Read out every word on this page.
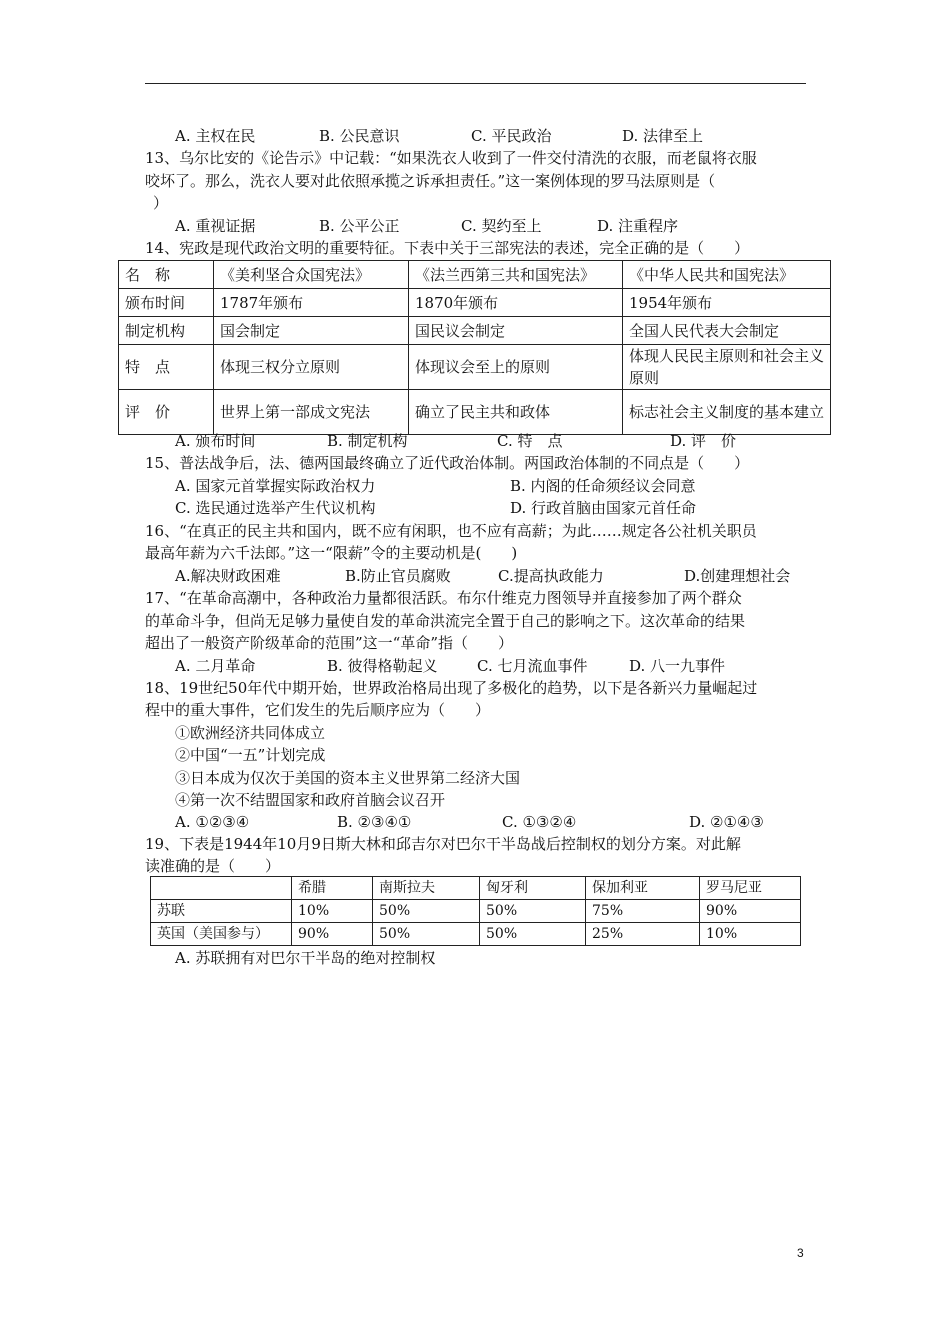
A. 主权在民	B. 公民意识	C. 平民政治	D. 法律至上
13、乌尔比安的《论告示》中记载：“如果洗衣人收到了一件交付清洗的衣服，而老鼠将衣服
咬坏了。那么，洗衣人要对此依照承揽之诉承担责任。”这一案例体现的罗马法原则是（
）
A. 重视证据	B. 公平公正	C. 契约至上	D. 注重程序
14、宪政是现代政治文明的重要特征。下表中关于三部宪法的表述，完全正确的是（　　）
名　称	《美利坚合众国宪法》	《法兰西第三共和国宪法》	《中华人民共和国宪法》
颁布时间	1787年颁布	1870年颁布	1954年颁布
制定机构	国会制定	国民议会制定	全国人民代表大会制定
特　点	体现三权分立原则	体现议会至上的原则	体现人民民主原则和社会主义原则
评　价	世界上第一部成文宪法	确立了民主共和政体	标志社会主义制度的基本建立
A. 颁布时间	B. 制定机构	C. 特　点	D. 评　价
15、普法战争后，法、德两国最终确立了近代政治体制。两国政治体制的不同点是（　　）
A. 国家元首掌握实际政治权力	B. 内阁的任命须经议会同意
C. 选民通过选举产生代议机构	D. 行政首脑由国家元首任命
16、“在真正的民主共和国内，既不应有闲职，也不应有高薪；为此……规定各公社机关职员
最高年薪为六千法郎。”这一“限薪”令的主要动机是(　　)
A.解决财政困难	B.防止官员腐败	C.提高执政能力	D.创建理想社会
17、“在革命高潮中，各种政治力量都很活跃。布尔什维克力图领导并直接参加了两个群众
的革命斗争，但尚无足够力量使自发的革命洪流完全置于自己的影响之下。这次革命的结果
超出了一般资产阶级革命的范围”这一“革命”指（　　）
A. 二月革命	B. 彼得格勒起义	C. 七月流血事件	D. 八一九事件
18、19世纪50年代中期开始，世界政治格局出现了多极化的趋势，以下是各新兴力量崛起过
程中的重大事件，它们发生的先后顺序应为（　　）
①欧洲经济共同体成立
②中国“一五”计划完成
③日本成为仅次于美国的资本主义世界第二经济大国
④第一次不结盟国家和政府首脑会议召开
A. ①②③④	B. ②③④①	C. ①③②④	D. ②①④③
19、下表是1944年10月9日斯大林和邱吉尔对巴尔干半岛战后控制权的划分方案。对此解
读准确的是（　　）
	希腊	南斯拉夫	匈牙利	保加利亚	罗马尼亚
苏联	10%	50%	50%	75%	90%
英国（美国参与）	90%	50%	50%	25%	10%
A. 苏联拥有对巴尔干半岛的绝对控制权
3
